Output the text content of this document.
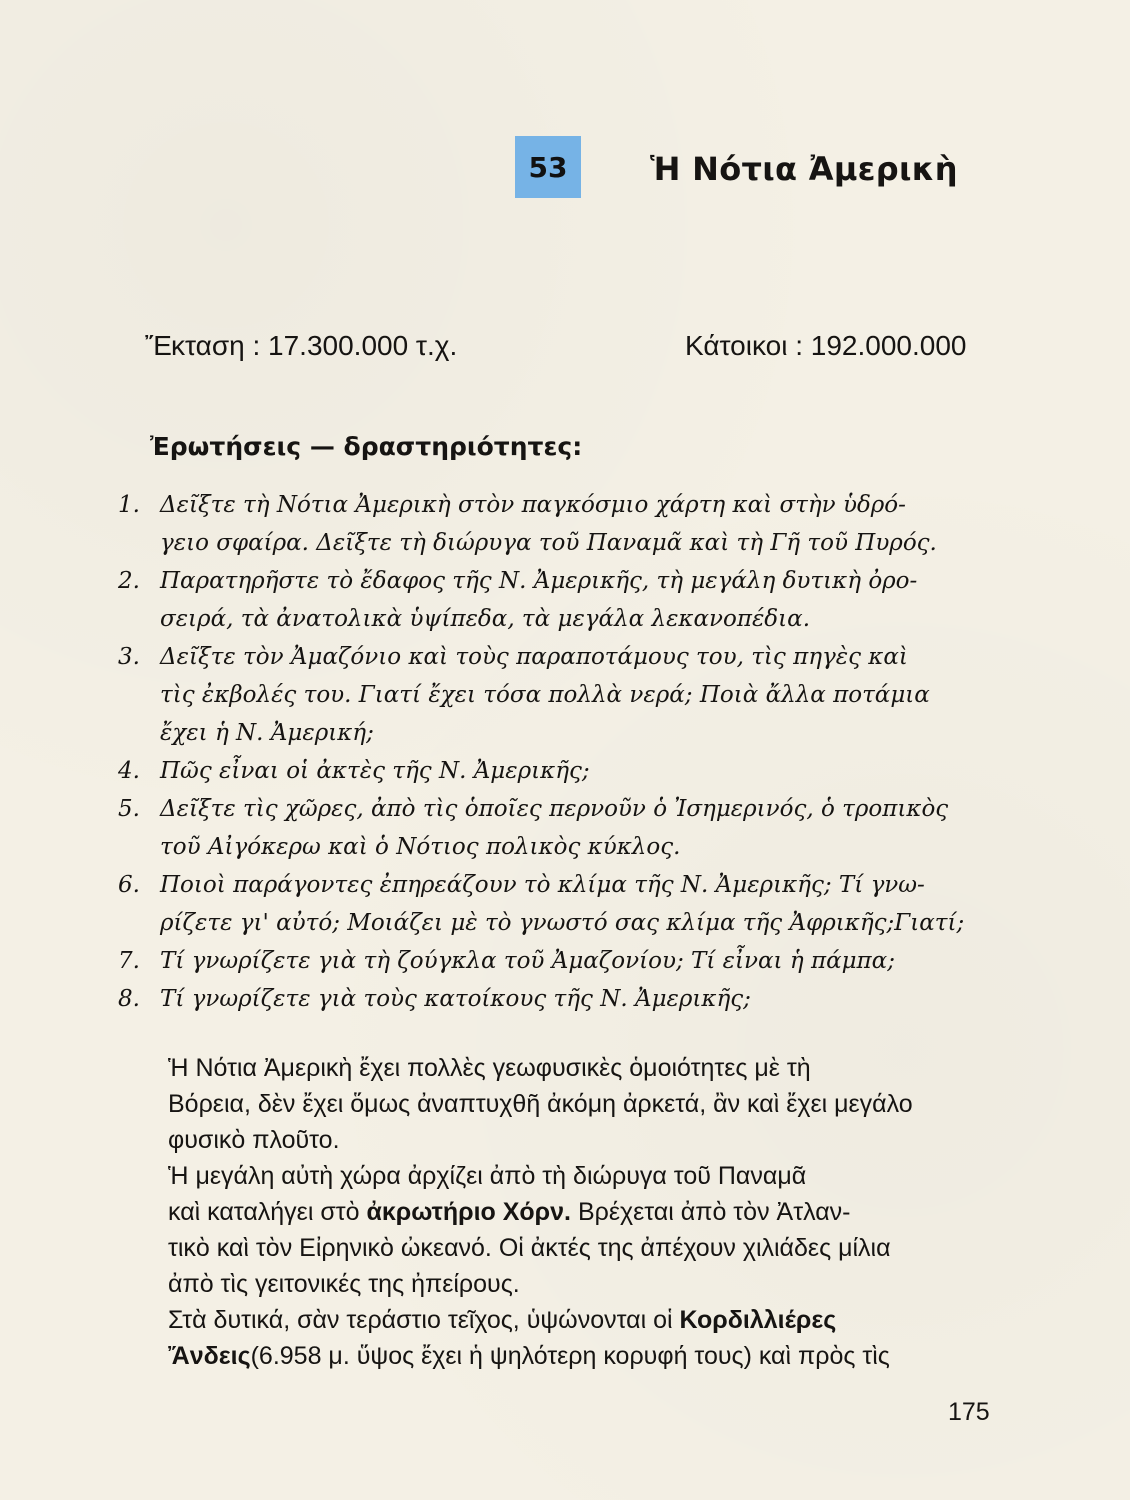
53	Ἡ Νότια Ἀμερικὴ
Ἔκταση : 17.300.000 τ.χ.	Κάτοικοι : 192.000.000
Ἐρωτήσεις — δραστηριότητες:
1. Δεῖξτε τὴ Νότια Ἀμερικὴ στὸν παγκόσμιο χάρτη καὶ στὴν ὑδρό-
γειο σφαίρα. Δεῖξτε τὴ διώρυγα τοῦ Παναμᾶ καὶ τὴ Γῆ τοῦ Πυρός.
2. Παρατηρῆστε τὸ ἔδαφος τῆς Ν. Ἀμερικῆς, τὴ μεγάλη δυτικὴ ὀρο-
σειρά, τὰ ἀνατολικὰ ὑψίπεδα, τὰ μεγάλα λεκανοπέδια.
3. Δεῖξτε τὸν Ἀμαζόνιο καὶ τοὺς παραποτάμους του, τὶς πηγὲς καὶ
τὶς ἐκβολές του. Γιατί ἔχει τόσα πολλὰ νερά; Ποιὰ ἄλλα ποτάμια
ἔχει ἡ Ν. Ἀμερική;
4. Πῶς εἶναι οἱ ἀκτὲς τῆς Ν. Ἀμερικῆς;
5. Δεῖξτε τὶς χῶρες, ἀπὸ τὶς ὁποῖες περνοῦν ὁ Ἰσημερινός, ὁ τροπικὸς
τοῦ Αἰγόκερω καὶ ὁ Νότιος πολικὸς κύκλος.
6. Ποιοὶ παράγοντες ἐπηρεάζουν τὸ κλίμα τῆς Ν. Ἀμερικῆς; Τί γνω-
ρίζετε γι' αὐτό; Μοιάζει μὲ τὸ γνωστό σας κλίμα τῆς Ἀφρικῆς;Γιατί;
7. Τί γνωρίζετε γιὰ τὴ ζούγκλα τοῦ Ἀμαζονίου; Τί εἶναι ἡ πάμπα;
8. Τί γνωρίζετε γιὰ τοὺς κατοίκους τῆς Ν. Ἀμερικῆς;
Ἡ Νότια Ἀμερικὴ ἔχει πολλὲς γεωφυσικὲς ὁμοιότητες μὲ τὴ
Βόρεια, δὲν ἔχει ὅμως ἀναπτυχθῆ ἀκόμη ἀρκετά, ἂν καὶ ἔχει μεγάλο
φυσικὸ πλοῦτο.
Ἡ μεγάλη αὐτὴ χώρα ἀρχίζει ἀπὸ τὴ διώρυγα τοῦ Παναμᾶ
καὶ καταλήγει στὸ ἀκρωτήριο Χόρν. Βρέχεται ἀπὸ τὸν Ἀτλαν-
τικὸ καὶ τὸν Εἰρηνικὸ ὠκεανό. Οἱ ἀκτές της ἀπέχουν χιλιάδες μίλια
ἀπὸ τὶς γειτονικές της ἠπείρους.
Στὰ δυτικά, σὰν τεράστιο τεῖχος, ὑψώνονται οἱ Κορδιλλιέρες
Ἄνδεις(6.958 μ. ὕψος ἔχει ἡ ψηλότερη κορυφή τους) καὶ πρὸς τὶς
175
